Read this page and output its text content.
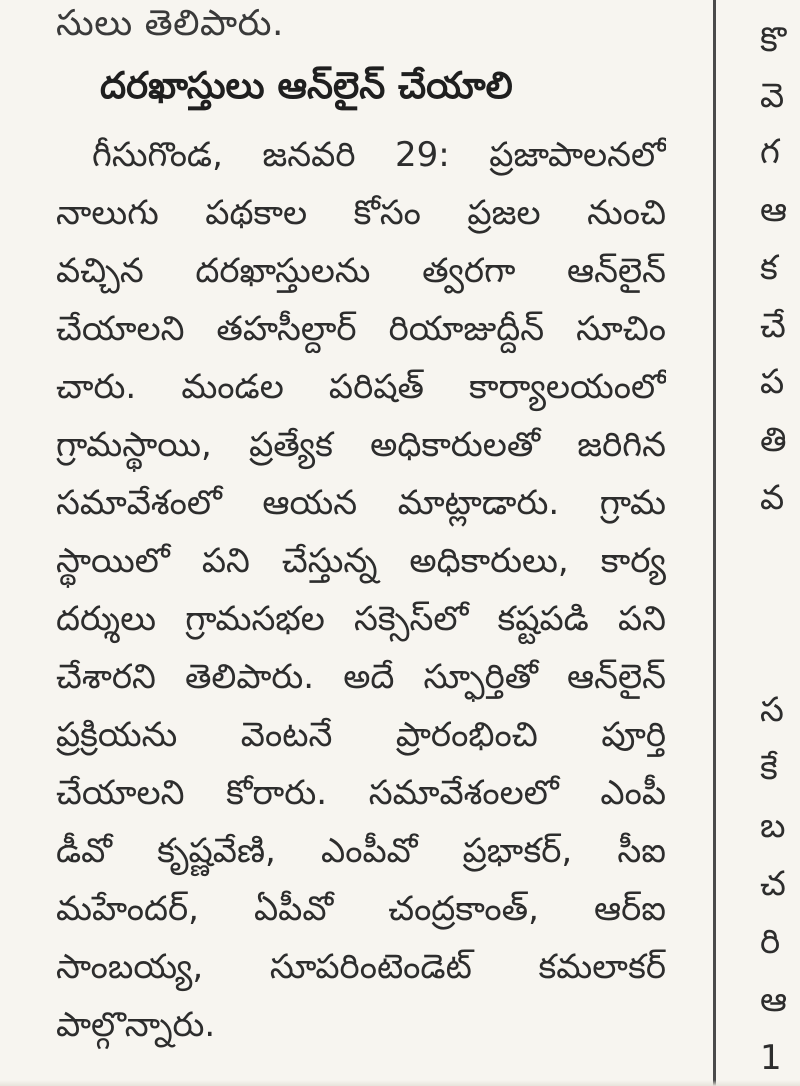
సులు తెలిపారు.
దరఖాస్తులు ఆన్‌లైన్ చేయాలి
గీసుగొండ, జనవరి 29: ప్రజాపాలనలో
నాలుగు పథకాల కోసం ప్రజల నుంచి
వచ్చిన దరఖాస్తులను త్వరగా ఆన్‌లైన్
చేయాలని తహసీల్దార్ రియాజుద్దీన్ సూచిం
చారు. మండల పరిషత్ కార్యాలయంలో
గ్రామస్థాయి, ప్రత్యేక అధికారులతో జరిగిన
సమావేశంలో ఆయన మాట్లాడారు. గ్రామ
స్థాయిలో పని చేస్తున్న అధికారులు, కార్య
దర్శులు గ్రామసభల సక్సెస్‌లో కష్టపడి పని
చేశారని తెలిపారు. అదే స్ఫూర్తితో ఆన్‌లైన్
ప్రక్రియను వెంటనే ప్రారంభించి పూర్తి
చేయాలని కోరారు. సమావేశంలలో ఎంపీ
డీవో కృష్ణవేణి, ఎంపీవో ప్రభాకర్, సీఐ
మహేందర్, ఏపీవో చంద్రకాంత్, ఆర్ఐ
సాంబయ్య, సూపరింటెండెట్ కమలాకర్
పాల్గొన్నారు.
కొ
వె
గ
ఆ
క
చే
ప
తి
వ
స
కే
బ
చ
రి
ఆ
1
